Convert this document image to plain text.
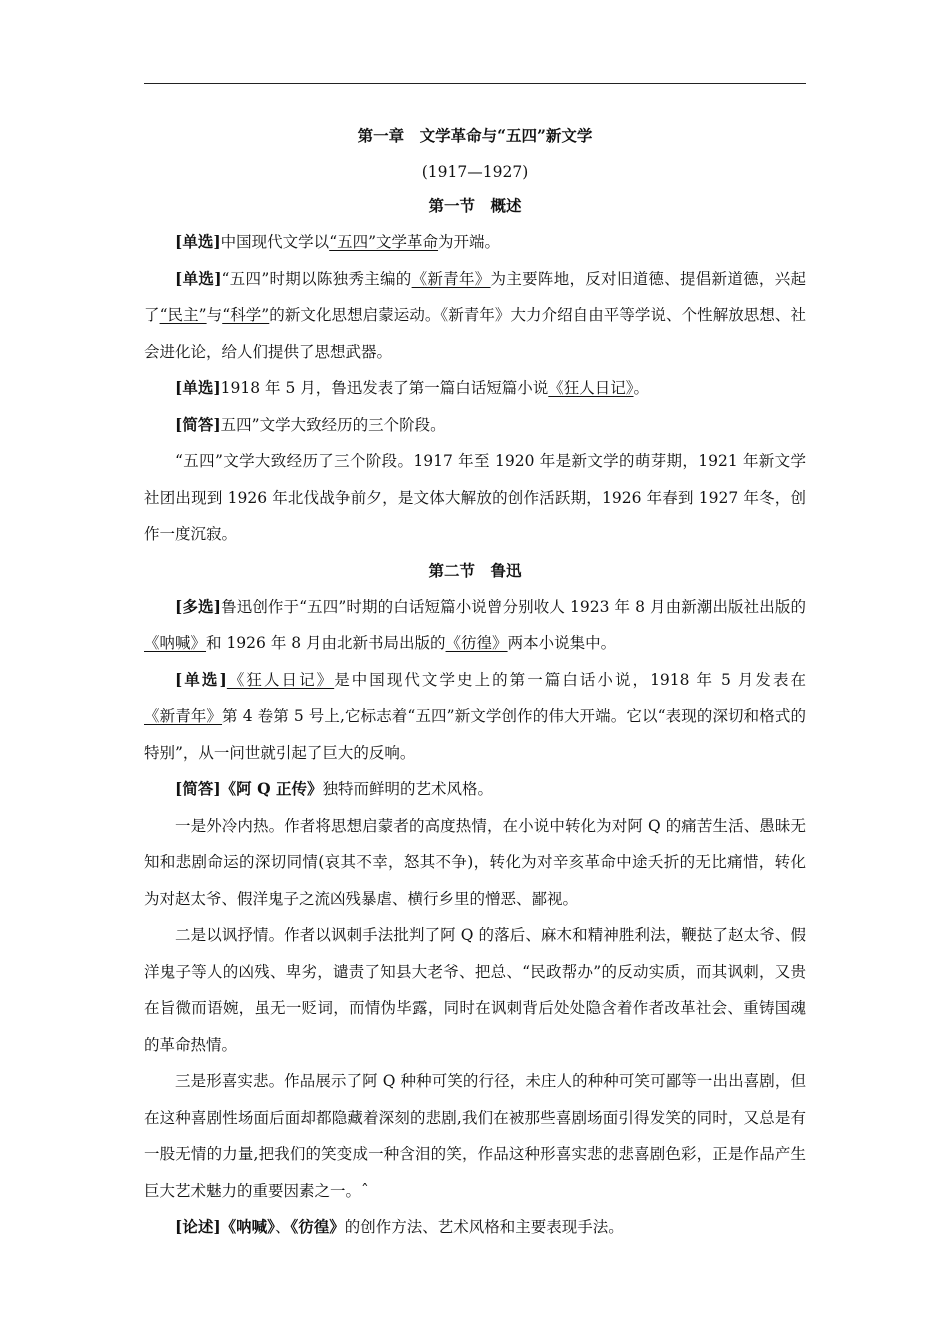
第一章　文学革命与“五四”新文学

(1917—1927)

第一节　概述

[单选]中国现代文学以“五四”文学革命为开端。

[单选]“五四”时期以陈独秀主编的《新青年》为主要阵地，反对旧道德、提倡新道德，兴起了“民主”与“科学”的新文化思想启蒙运动。《新青年》大力介绍自由平等学说、个性解放思想、社会进化论，给人们提供了思想武器。

[单选]1918 年 5 月，鲁迅发表了第一篇白话短篇小说《狂人日记》。

[简答]五四”文学大致经历的三个阶段。

“五四”文学大致经历了三个阶段。1917 年至 1920 年是新文学的萌芽期，1921 年新文学社团出现到 1926 年北伐战争前夕，是文体大解放的创作活跃期，1926 年春到 1927 年冬，创作一度沉寂。

第二节　鲁迅

[多选]鲁迅创作于“五四”时期的白话短篇小说曾分别收人 1923 年 8 月由新潮出版社出版的《呐喊》和 1926 年 8 月由北新书局出版的《彷徨》两本小说集中。

[单选]《狂人日记》是中国现代文学史上的第一篇白话小说，1918 年 5 月发表在《新青年》第 4 卷第 5 号上,它标志着“五四”新文学创作的伟大开端。它以“表现的深切和格式的特别”，从一问世就引起了巨大的反响。

[简答]《阿 Q 正传》独特而鲜明的艺术风格。

一是外冷内热。作者将思想启蒙者的高度热情，在小说中转化为对阿 Q 的痛苦生活、愚昧无知和悲剧命运的深切同情(哀其不幸，怒其不争)，转化为对辛亥革命中途夭折的无比痛惜，转化为对赵太爷、假洋鬼子之流凶残暴虐、横行乡里的憎恶、鄙视。

二是以讽抒情。作者以讽刺手法批判了阿 Q 的落后、麻木和精神胜利法，鞭挞了赵太爷、假洋鬼子等人的凶残、卑劣，谴责了知县大老爷、把总、“民政帮办”的反动实质，而其讽刺，又贵在旨微而语婉，虽无一贬词，而情伪毕露，同时在讽刺背后处处隐含着作者改革社会、重铸国魂的革命热情。

三是形喜实悲。作品展示了阿 Q 种种可笑的行径，未庄人的种种可笑可鄙等一出出喜剧，但在这种喜剧性场面后面却都隐藏着深刻的悲剧,我们在被那些喜剧场面引得发笑的同时，又总是有一股无情的力量,把我们的笑变成一种含泪的笑，作品这种形喜实悲的悲喜剧色彩，正是作品产生巨大艺术魅力的重要因素之一。ˆ

[论述]《呐喊》、《彷徨》的创作方法、艺术风格和主要表现手法。
